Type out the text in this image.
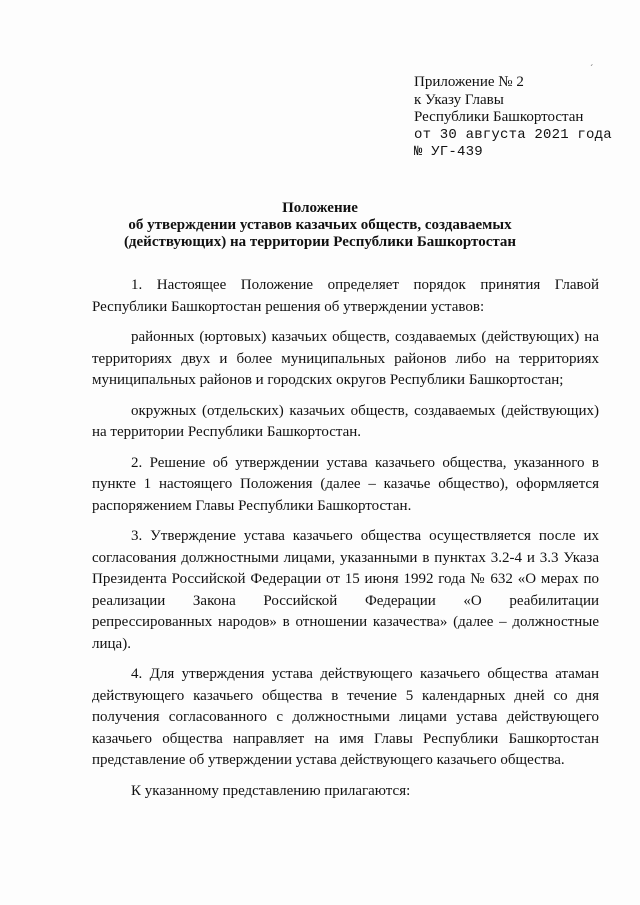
ˊ
Приложение № 2
к Указу Главы
Республики Башкортостан
от 30 августа 2021 года
№ УГ-439
Положение
об утверждении уставов казачьих обществ, создаваемых
(действующих) на территории Республики Башкортостан

1. Настоящее Положение определяет порядок принятия Главой Республики Башкортостан решения об утверждении уставов:

районных (юртовых) казачьих обществ, создаваемых (действующих) на территориях двух и более муниципальных районов либо на территориях муниципальных районов и городских округов Республики Башкортостан;

окружных (отдельских) казачьих обществ, создаваемых (действующих) на территории Республики Башкортостан.

2. Решение об утверждении устава казачьего общества, указанного в пункте 1 настоящего Положения (далее – казачье общество), оформляется распоряжением Главы Республики Башкортостан.

3. Утверждение устава казачьего общества осуществляется после их согласования должностными лицами, указанными в пунктах 3.2-4 и 3.3 Указа Президента Российской Федерации от 15 июня 1992 года № 632 «О мерах по реализации Закона Российской Федерации «О реабилитации репрессированных народов» в отношении казачества» (далее – должностные лица).

4. Для утверждения устава действующего казачьего общества атаман действующего казачьего общества в течение 5 календарных дней со дня получения согласованного с должностными лицами устава действующего казачьего общества направляет на имя Главы Республики Башкортостан представление об утверждении устава действующего казачьего общества.

К указанному представлению прилагаются:
